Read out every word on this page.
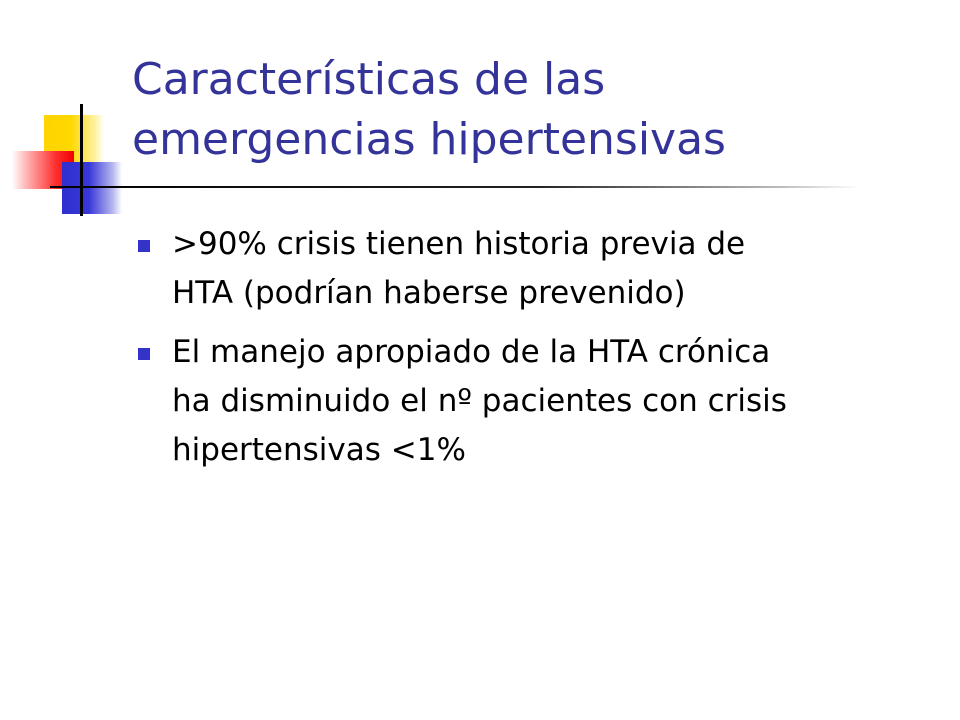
Características de las
emergencias hipertensivas
>90% crisis tienen historia previa de
HTA (podrían haberse prevenido)
El manejo apropiado de la HTA crónica
ha disminuido el nº pacientes con crisis
hipertensivas <1%
